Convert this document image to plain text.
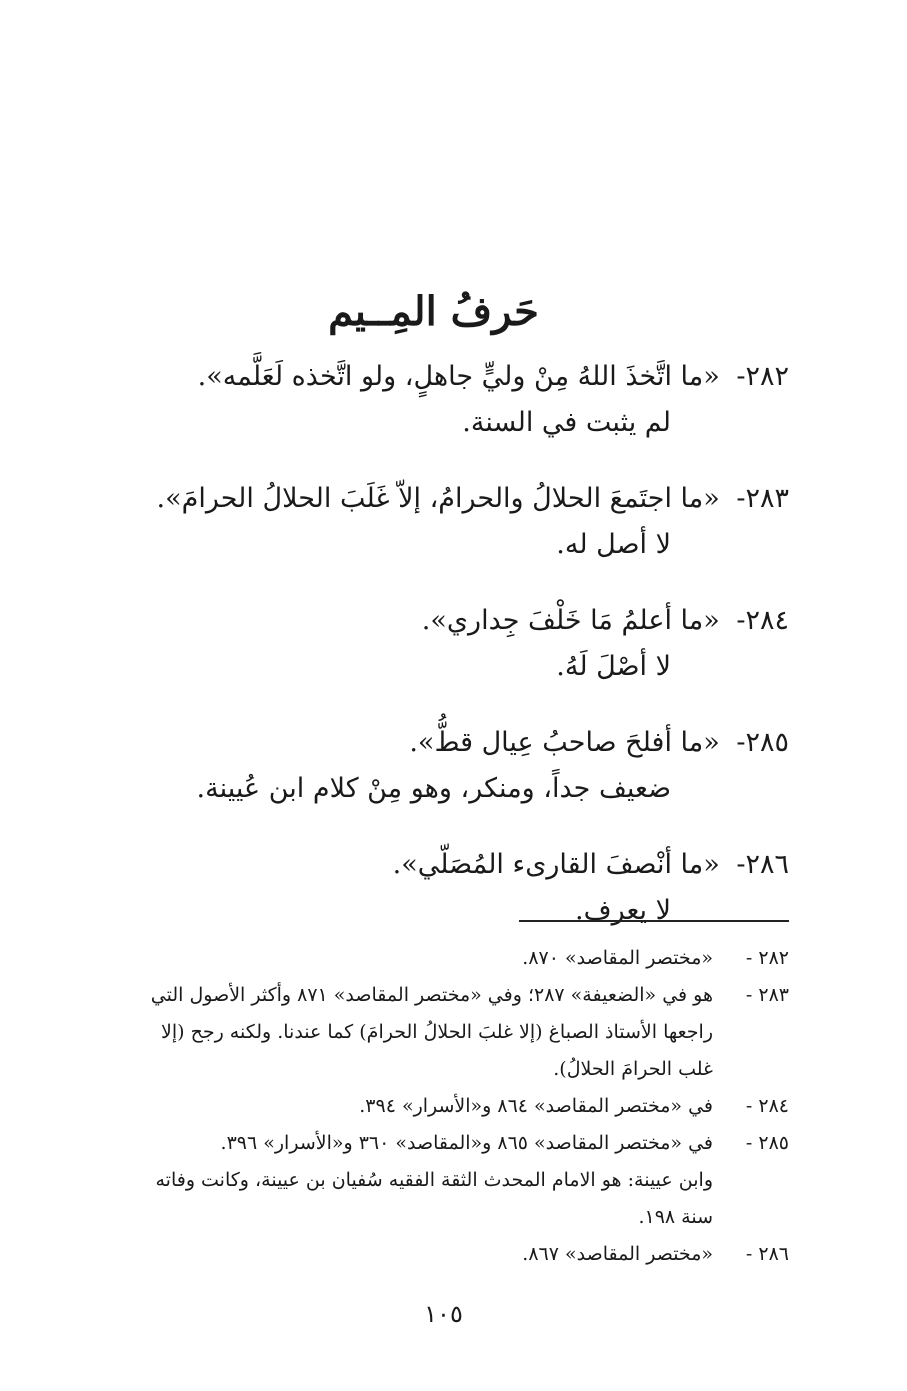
حَرفُ المِــيم
٢٨٢- «ما اتَّخذَ اللهُ مِنْ وليٍّ جاهلٍ، ولو اتَّخذه لَعَلَّمه».
لم يثبت في السنة.
٢٨٣- «ما اجتَمعَ الحلالُ والحرامُ، إلاّ غَلَبَ الحلالُ الحرامَ».
لا أصل له.
٢٨٤- «ما أعلمُ مَا خَلْفَ جِداري».
لا أصْلَ لَهُ.
٢٨٥- «ما أفلحَ صاحبُ عِيال قطُّ».
ضعيف جداً، ومنكر، وهو مِنْ كلام ابن عُيينة.
٢٨٦- «ما أنْصفَ القارىء المُصَلّي».
لا يعرف.
٢٨٢ -
«مختصر المقاصد» ٨٧٠.
٢٨٣ -
هو في «الضعيفة» ٢٨٧؛ وفي «مختصر المقاصد» ٨٧١ وأكثر الأصول التي
راجعها الأستاذ الصباغ (إلا غلبَ الحلالُ الحرامَ) كما عندنا. ولكنه رجح (إلا
غلب الحرامَ الحلالُ).
٢٨٤ -
في «مختصر المقاصد» ٨٦٤ و«الأسرار» ٣٩٤.
٢٨٥ -
في «مختصر المقاصد» ٨٦٥ و«المقاصد» ٣٦٠ و«الأسرار» ٣٩٦.
وابن عيينة: هو الامام المحدث الثقة الفقيه سُفيان بن عيينة، وكانت وفاته
سنة ١٩٨.
٢٨٦ -
«مختصر المقاصد» ٨٦٧.
١٠٥
